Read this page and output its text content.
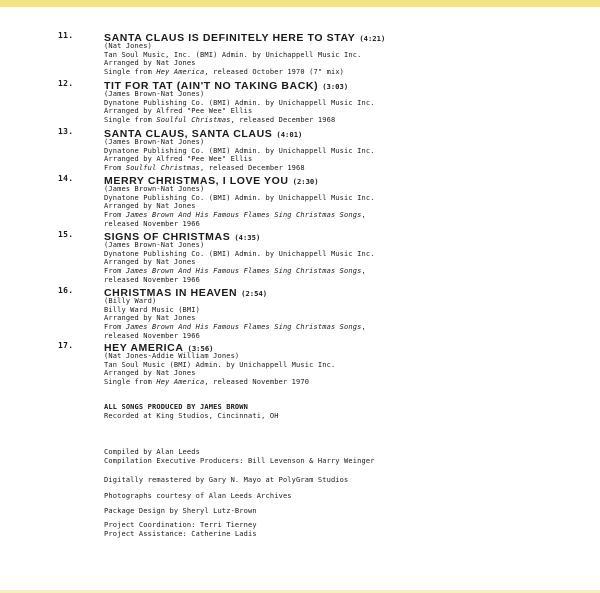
11.	SANTA CLAUS IS DEFINITELY HERE TO STAY (4:21)
(Nat Jones)
Tan Soul Music, Inc. (BMI) Admin. by Unichappell Music Inc.
Arranged by Nat Jones
Single from Hey America, released October 1970 (7" mix)
12.	TIT FOR TAT (AIN'T NO TAKING BACK) (3:03)
(James Brown-Nat Jones)
Dynatone Publishing Co. (BMI) Admin. by Unichappell Music Inc.
Arranged by Alfred "Pee Wee" Ellis
Single from Soulful Christmas, released December 1968
13.	SANTA CLAUS, SANTA CLAUS (4:01)
(James Brown-Nat Jones)
Dynatone Publishing Co. (BMI) Admin. by Unichappell Music Inc.
Arranged by Alfred "Pee Wee" Ellis
From Soulful Christmas, released December 1968
14.	MERRY CHRISTMAS, I LOVE YOU (2:30)
(James Brown-Nat Jones)
Dynatone Publishing Co. (BMI) Admin. by Unichappell Music Inc.
Arranged by Nat Jones
From James Brown And His Famous Flames Sing Christmas Songs,
released November 1966
15.	SIGNS OF CHRISTMAS (4:35)
(James Brown-Nat Jones)
Dynatone Publishing Co. (BMI) Admin. by Unichappell Music Inc.
Arranged by Nat Jones
From James Brown And His Famous Flames Sing Christmas Songs,
released November 1966
16.	CHRISTMAS IN HEAVEN (2:54)
(Billy Ward)
Billy Ward Music (BMI)
Arranged by Nat Jones
From James Brown And His Famous Flames Sing Christmas Songs,
released November 1966
17.	HEY AMERICA (3:56)
(Nat Jones-Addie William Jones)
Tan Soul Music (BMI) Admin. by Unichappell Music Inc.
Arranged by Nat Jones
Single from Hey America, released November 1970
ALL SONGS PRODUCED BY JAMES BROWN
Recorded at King Studios, Cincinnati, OH
Compiled by Alan Leeds
Compilation Executive Producers: Bill Levenson & Harry Weinger
Digitally remastered by Gary N. Mayo at PolyGram Studios
Photographs courtesy of Alan Leeds Archives
Package Design by Sheryl Lutz-Brown
Project Coordination: Terri Tierney
Project Assistance: Catherine Ladis
